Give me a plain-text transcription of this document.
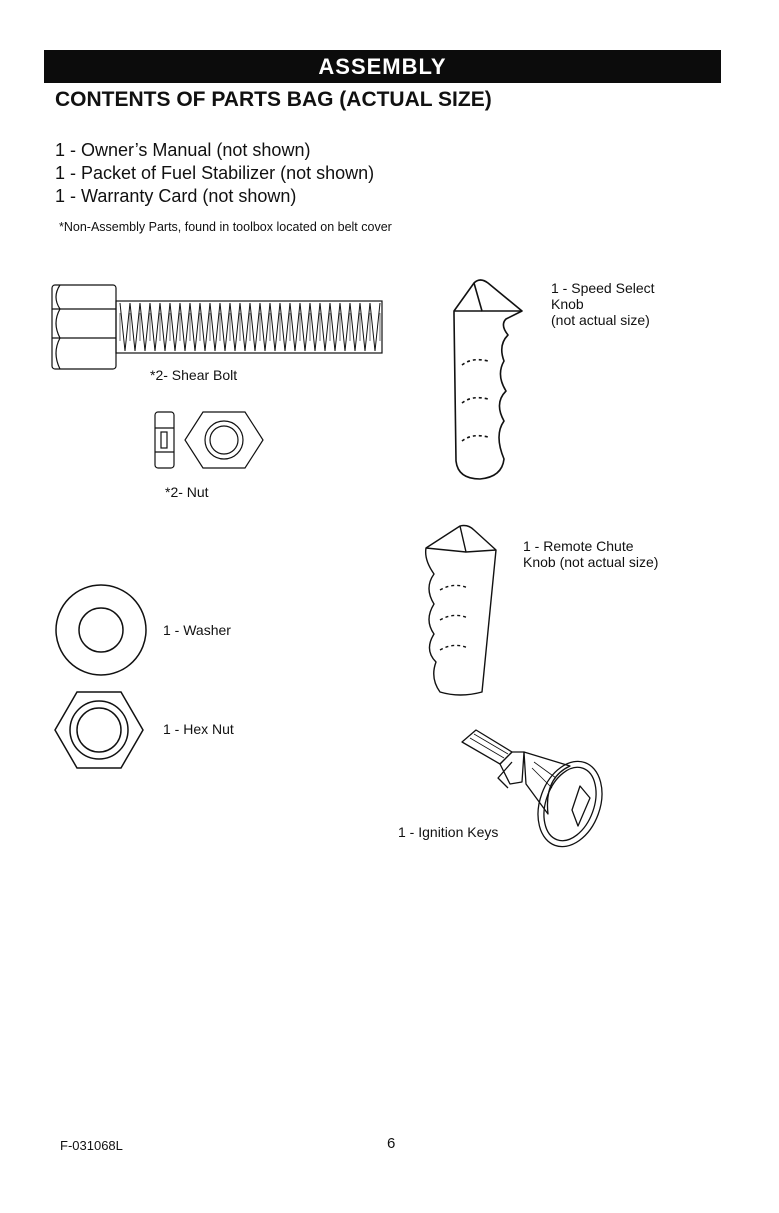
ASSEMBLY
CONTENTS OF PARTS BAG (ACTUAL SIZE)
1 - Owner’s Manual (not shown)
1 - Packet of Fuel Stabilizer (not shown)
1 - Warranty Card (not shown)
*Non-Assembly Parts, found in toolbox located on belt cover
*2- Shear Bolt
*2- Nut
1 - Washer
1 - Hex Nut
1 - Speed Select
Knob
(not actual size)
1 - Remote Chute
Knob (not actual size)
1 - Ignition Keys
F-031068L	6
